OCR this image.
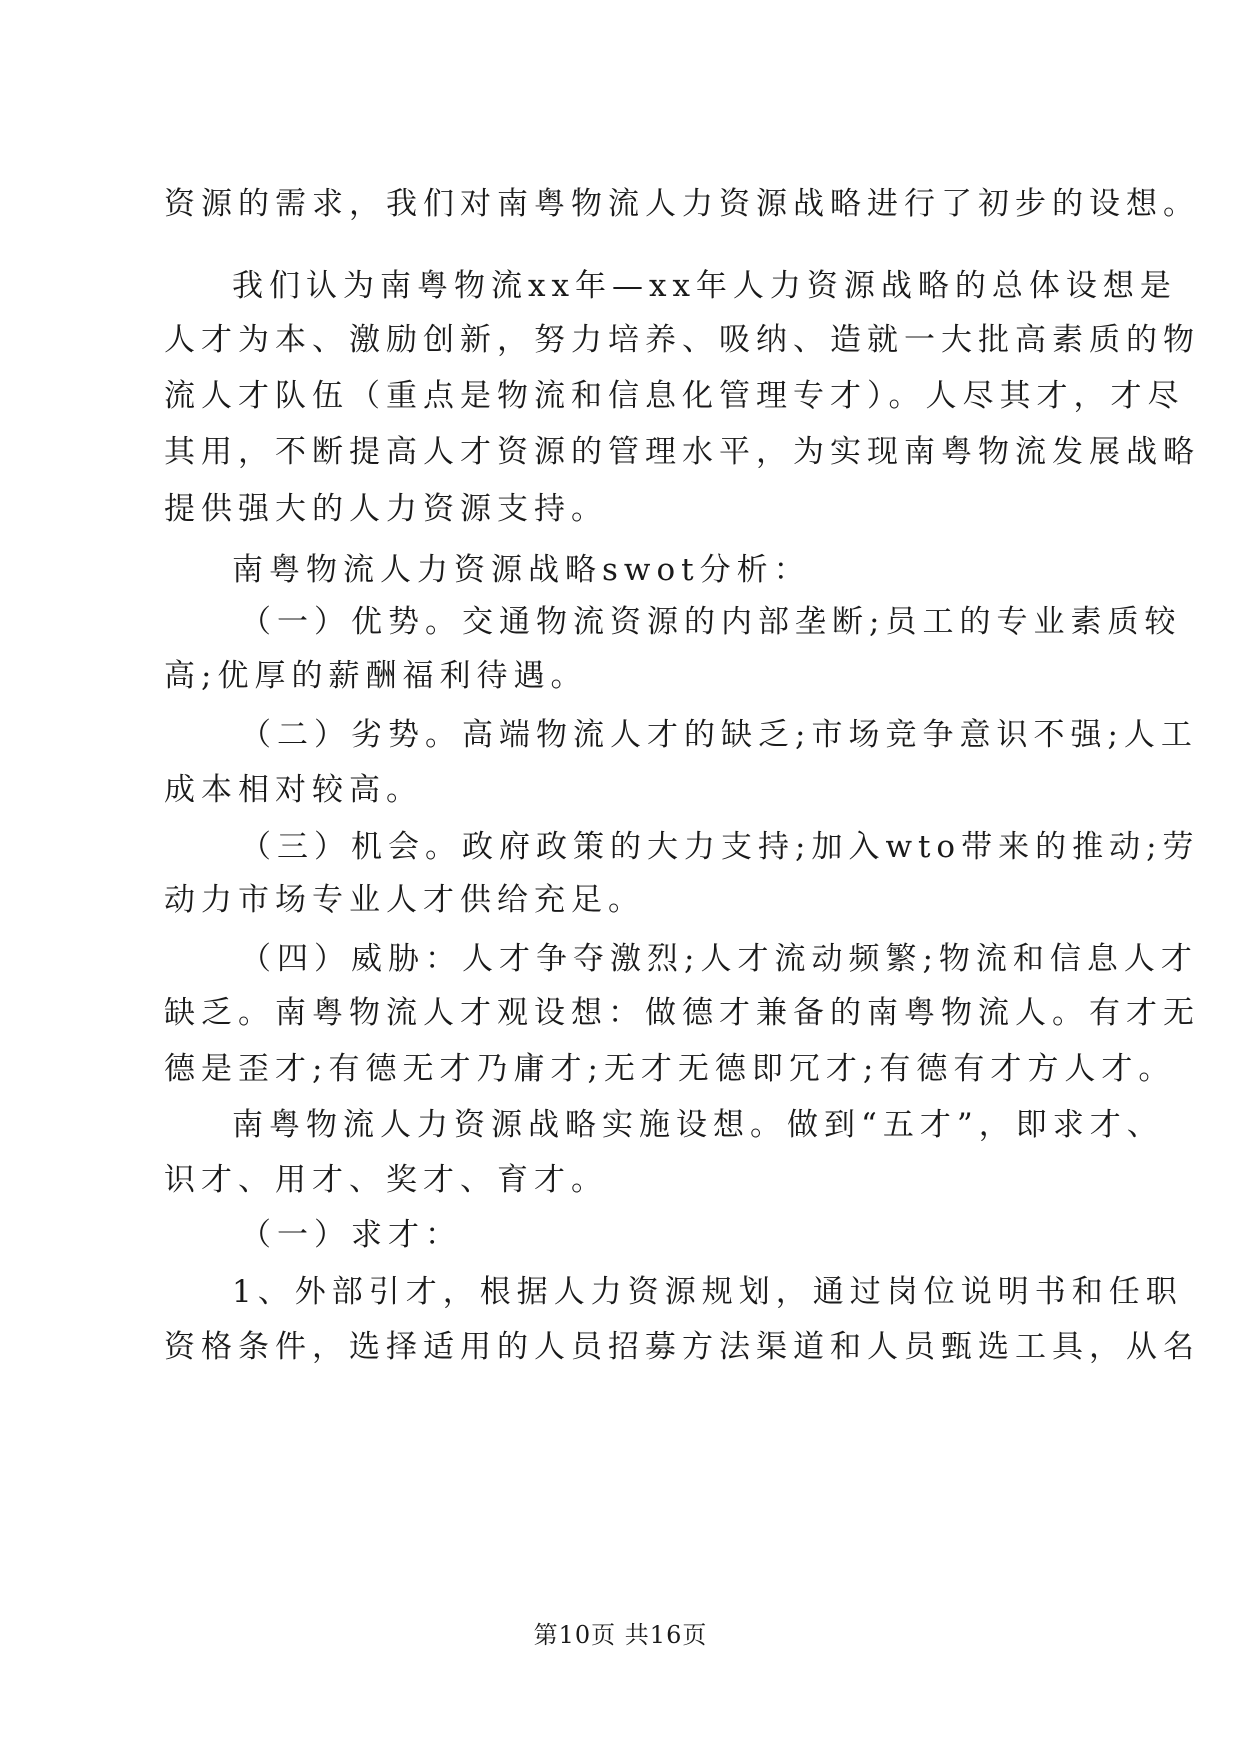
资源的需求，我们对南粤物流人力资源战略进行了初步的设想。
我们认为南粤物流xx年—xx年人力资源战略的总体设想是
人才为本、激励创新，努力培养、吸纳、造就一大批高素质的物
流人才队伍（重点是物流和信息化管理专才）。人尽其才，才尽
其用，不断提高人才资源的管理水平，为实现南粤物流发展战略
提供强大的人力资源支持。
南粤物流人力资源战略swot分析：
（一）优势。交通物流资源的内部垄断;员工的专业素质较
高;优厚的薪酬福利待遇。
（二）劣势。高端物流人才的缺乏;市场竞争意识不强;人工
成本相对较高。
（三）机会。政府政策的大力支持;加入wto带来的推动;劳
动力市场专业人才供给充足。
（四）威胁：人才争夺激烈;人才流动频繁;物流和信息人才
缺乏。南粤物流人才观设想：做德才兼备的南粤物流人。有才无
德是歪才;有德无才乃庸才;无才无德即冗才;有德有才方人才。
南粤物流人力资源战略实施设想。做到“五才”，即求才、
识才、用才、奖才、育才。
（一）求才：
1、外部引才，根据人力资源规划，通过岗位说明书和任职
资格条件，选择适用的人员招募方法渠道和人员甄选工具，从名
第10页 共16页
